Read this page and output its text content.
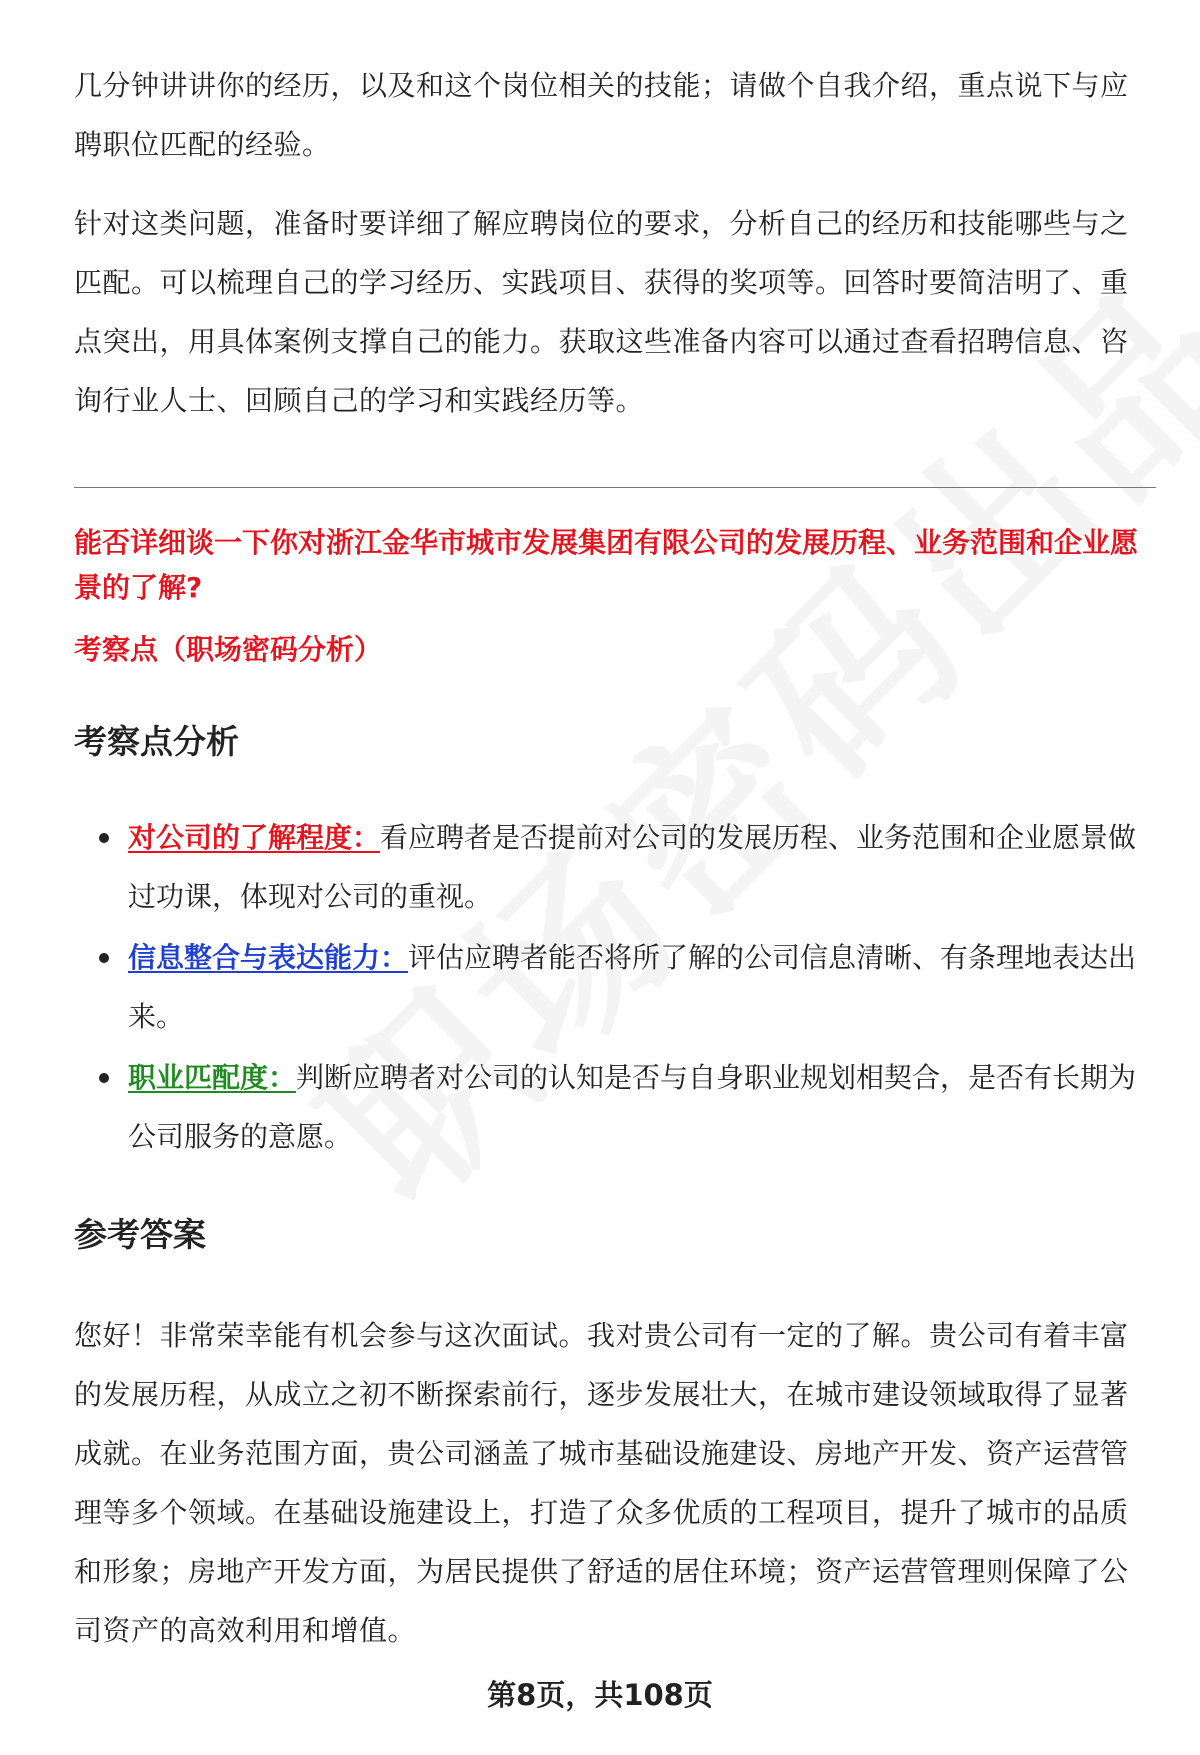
几分钟讲讲你的经历，以及和这个岗位相关的技能；请做个自我介绍，重点说下与应聘职位匹配的经验。

针对这类问题，准备时要详细了解应聘岗位的要求，分析自己的经历和技能哪些与之匹配。可以梳理自己的学习经历、实践项目、获得的奖项等。回答时要简洁明了、重点突出，用具体案例支撑自己的能力。获取这些准备内容可以通过查看招聘信息、咨询行业人士、回顾自己的学习和实践经历等。

能否详细谈一下你对浙江金华市城市发展集团有限公司的发展历程、业务范围和企业愿景的了解?

考察点（职场密码分析）

考察点分析
对公司的了解程度：看应聘者是否提前对公司的发展历程、业务范围和企业愿景做过功课，体现对公司的重视。
信息整合与表达能力：评估应聘者能否将所了解的公司信息清晰、有条理地表达出来。
职业匹配度：判断应聘者对公司的认知是否与自身职业规划相契合，是否有长期为公司服务的意愿。
参考答案

您好！非常荣幸能有机会参与这次面试。我对贵公司有一定的了解。贵公司有着丰富的发展历程，从成立之初不断探索前行，逐步发展壮大，在城市建设领域取得了显著成就。在业务范围方面，贵公司涵盖了城市基础设施建设、房地产开发、资产运营管理等多个领域。在基础设施建设上，打造了众多优质的工程项目，提升了城市的品质和形象；房地产开发方面，为居民提供了舒适的居住环境；资产运营管理则保障了公司资产的高效利用和增值。

第8页，共108页
